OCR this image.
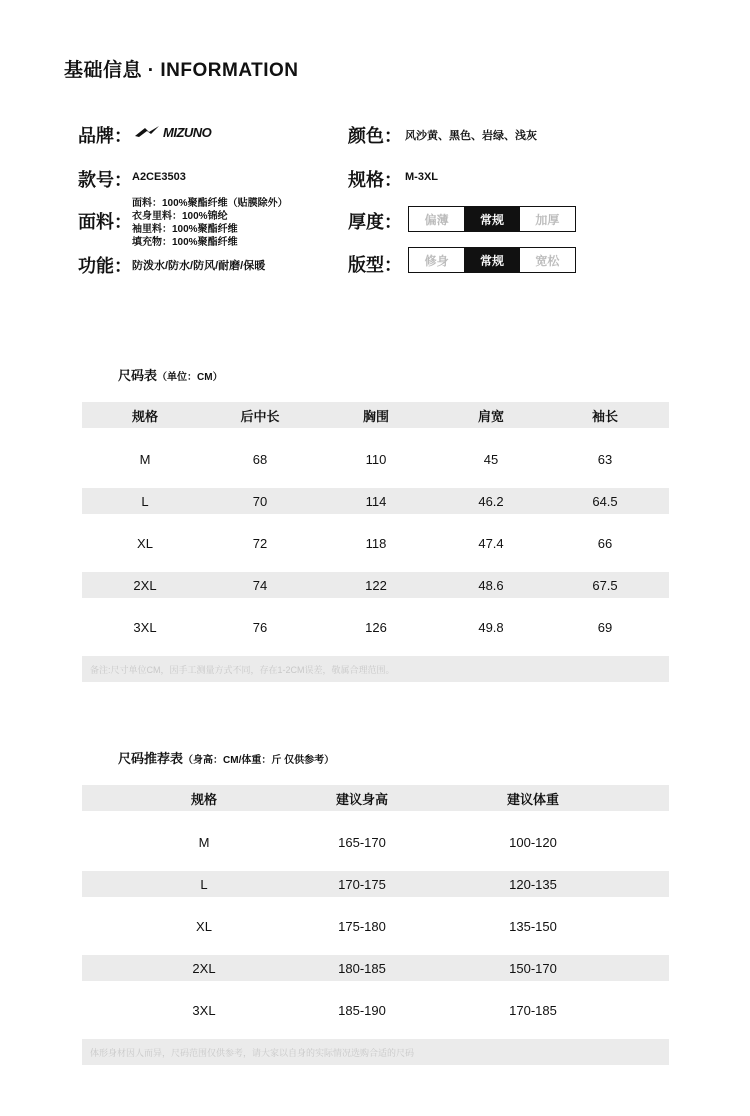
基础信息 · INFORMATION
品牌： MIZUNO
款号： A2CE3503
面料：
面料：100%聚酯纤维（贴膜除外）
衣身里料：100%锦纶
袖里料：100%聚酯纤维
填充物：100%聚酯纤维
功能： 防泼水/防水/防风/耐磨/保暖
颜色： 风沙黄、黑色、岩绿、浅灰
规格： M-3XL
厚度：	偏薄	常规	加厚
版型：	修身	常规	宽松
尺码表（单位：CM）
规格	后中长	胸围	肩宽	袖长
M	68	110	45	63
L	70	114	46.2	64.5
XL	72	118	47.4	66
2XL	74	122	48.6	67.5
3XL	76	126	49.8	69
备注:尺寸单位CM，因手工测量方式不同，存在1-2CM误差，敬属合理范围。
尺码推荐表（身高：CM/体重：斤 仅供参考）
规格	建议身高	建议体重
M	165-170	100-120
L	170-175	120-135
XL	175-180	135-150
2XL	180-185	150-170
3XL	185-190	170-185
体形身材因人而异，尺码范围仅供参考，请大家以自身的实际情况选购合适的尺码
